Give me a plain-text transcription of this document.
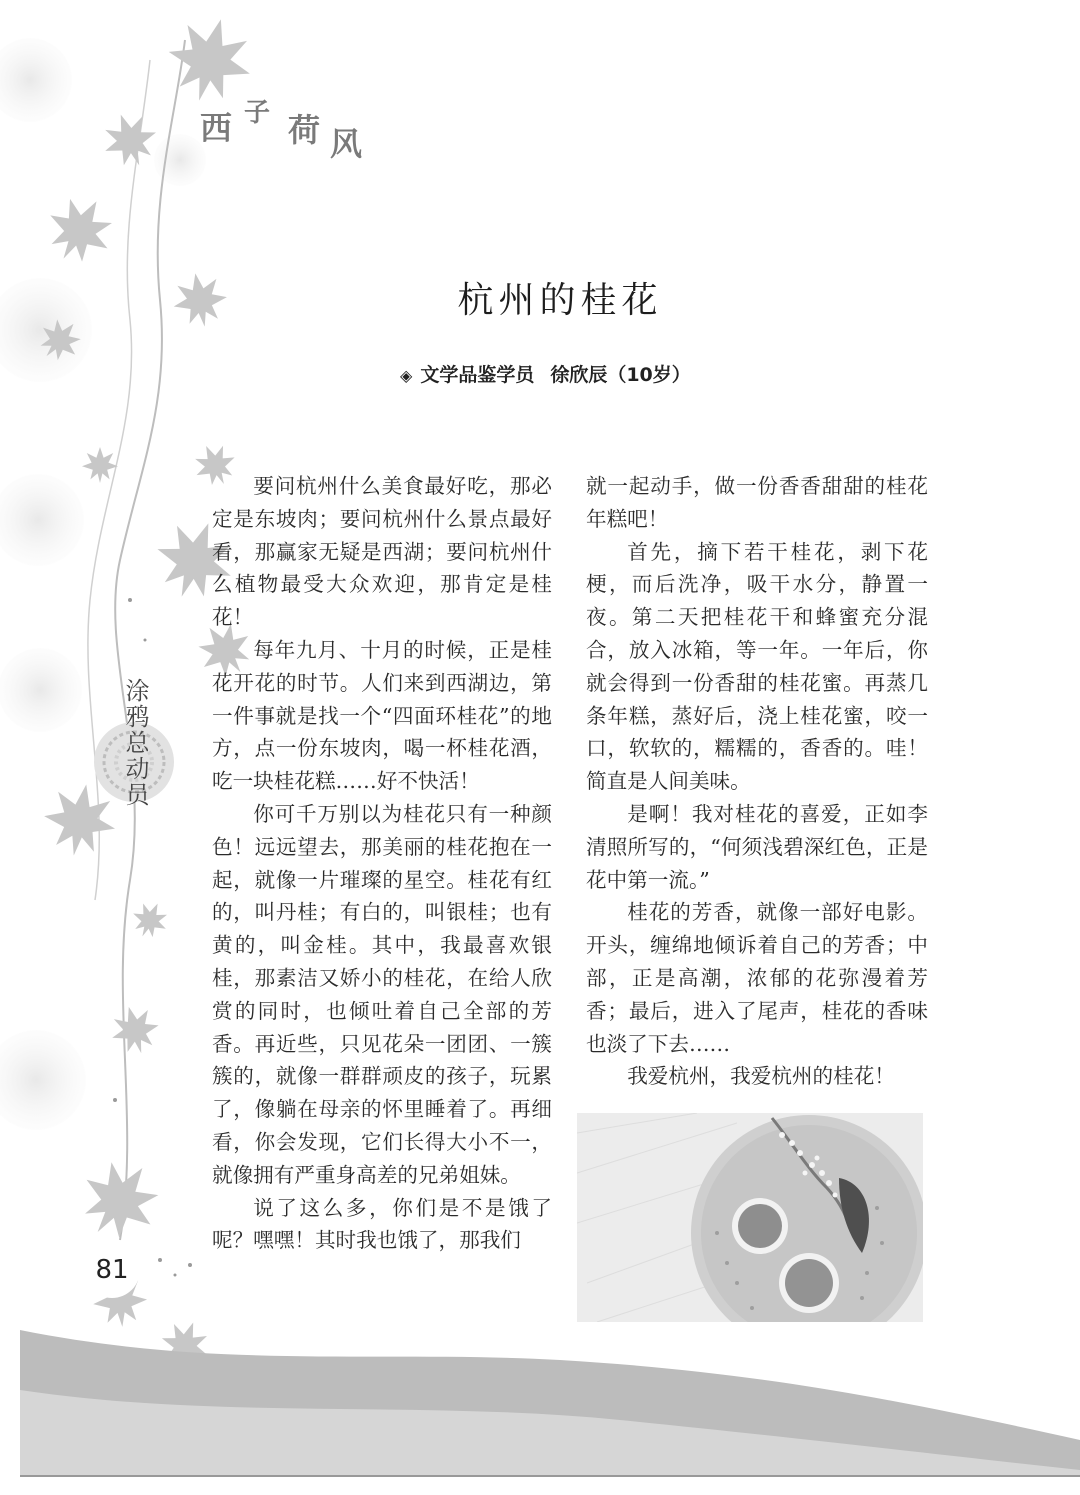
西 子 荷 风
杭州的桂花
◈ 文学品鉴学员 徐欣辰（10岁）

要问杭州什么美食最好吃，那必定是东坡肉；要问杭州什么景点最好看，那赢家无疑是西湖；要问杭州什么植物最受大众欢迎，那肯定是桂花！

每年九月、十月的时候，正是桂花开花的时节。人们来到西湖边，第一件事就是找一个“四面环桂花”的地方，点一份东坡肉，喝一杯桂花酒，吃一块桂花糕……好不快活！

你可千万别以为桂花只有一种颜色！远远望去，那美丽的桂花抱在一起，就像一片璀璨的星空。桂花有红的，叫丹桂；有白的，叫银桂；也有黄的，叫金桂。其中，我最喜欢银桂，那素洁又娇小的桂花，在给人欣赏的同时，也倾吐着自己全部的芳香。再近些，只见花朵一团团、一簇簇的，就像一群群顽皮的孩子，玩累了，像躺在母亲的怀里睡着了。再细看，你会发现，它们长得大小不一，就像拥有严重身高差的兄弟姐妹。

说了这么多，你们是不是饿了呢？嘿嘿！其时我也饿了，那我们

就一起动手，做一份香香甜甜的桂花年糕吧！

首先，摘下若干桂花，剥下花梗，而后洗净，吸干水分，静置一夜。第二天把桂花干和蜂蜜充分混合，放入冰箱，等一年。一年后，你就会得到一份香甜的桂花蜜。再蒸几条年糕，蒸好后，浇上桂花蜜，咬一口，软软的，糯糯的，香香的。哇！简直是人间美味。

是啊！我对桂花的喜爱，正如李清照所写的，“何须浅碧深红色，正是花中第一流。”

桂花的芳香，就像一部好电影。开头，缠绵地倾诉着自己的芳香；中部，正是高潮，浓郁的花弥漫着芳香；最后，进入了尾声，桂花的香味也淡了下去……

我爱杭州，我爱杭州的桂花！

涂鸦总动员
81
